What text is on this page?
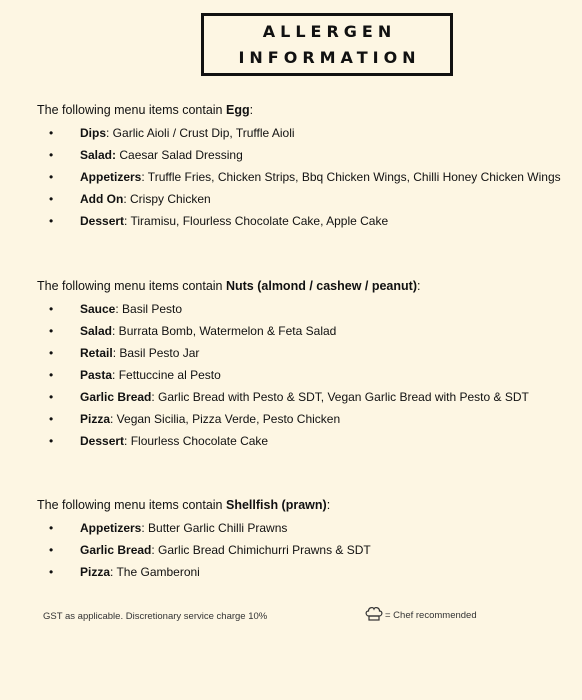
ALLERGEN
INFORMATION

The following menu items contain Egg:

• Dips: Garlic Aioli / Crust Dip, Truffle Aioli
• Salad: Caesar Salad Dressing
• Appetizers: Truffle Fries, Chicken Strips, Bbq Chicken Wings, Chilli Honey Chicken Wings
• Add On: Crispy Chicken
• Dessert: Tiramisu, Flourless Chocolate Cake, Apple Cake

The following menu items contain Nuts (almond / cashew / peanut):

• Sauce: Basil Pesto
• Salad: Burrata Bomb, Watermelon & Feta Salad
• Retail: Basil Pesto Jar
• Pasta: Fettuccine al Pesto
• Garlic Bread: Garlic Bread with Pesto & SDT, Vegan Garlic Bread with Pesto & SDT
• Pizza: Vegan Sicilia, Pizza Verde, Pesto Chicken
• Dessert: Flourless Chocolate Cake

The following menu items contain Shellfish (prawn):

• Appetizers: Butter Garlic Chilli Prawns
• Garlic Bread: Garlic Bread Chimichurri Prawns & SDT
• Pizza: The Gamberoni
GST as applicable. Discretionary service charge 10%	= Chef recommended
